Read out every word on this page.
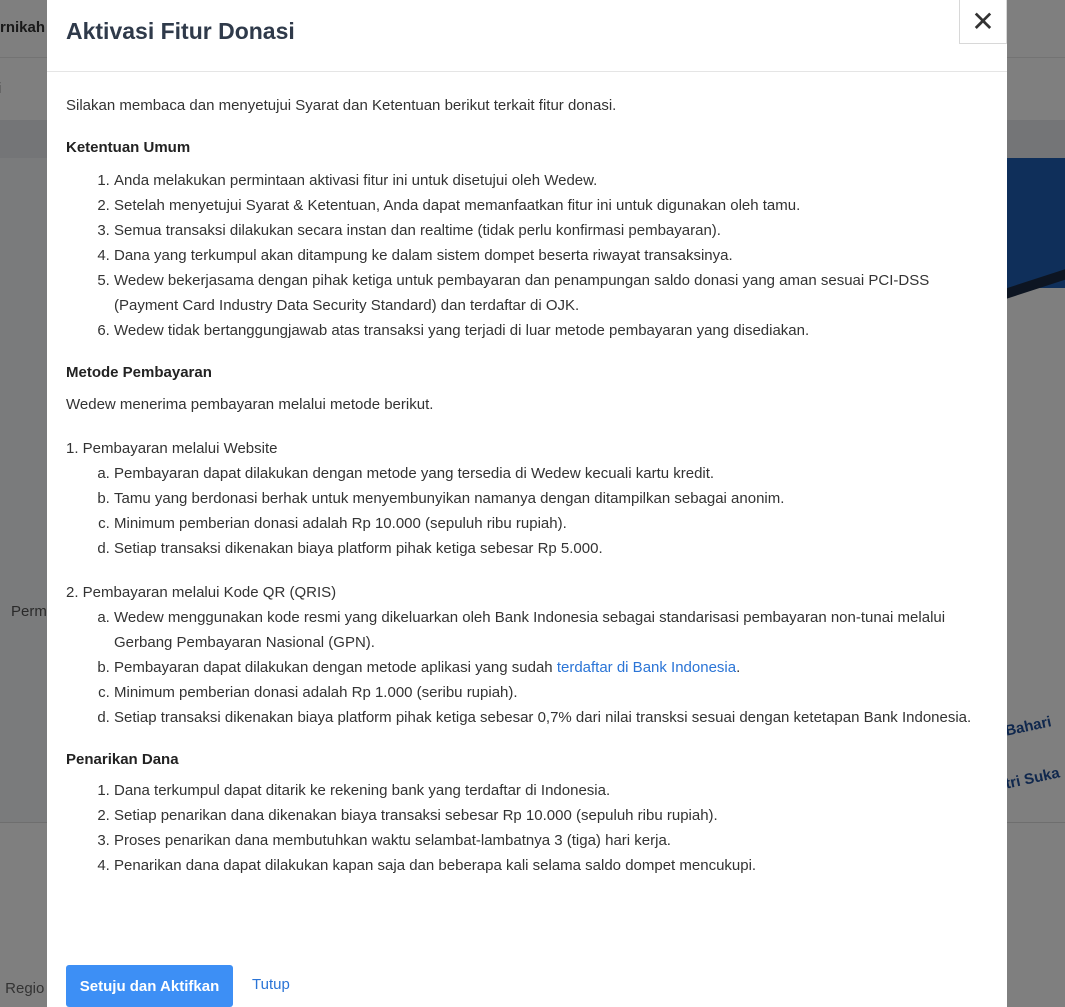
Aktivasi Fitur Donasi	✕

Silakan membaca dan menyetujui Syarat dan Ketentuan berikut terkait fitur donasi.

Ketentuan Umum

1. Anda melakukan permintaan aktivasi fitur ini untuk disetujui oleh Wedew.
2. Setelah menyetujui Syarat & Ketentuan, Anda dapat memanfaatkan fitur ini untuk digunakan oleh tamu.
3. Semua transaksi dilakukan secara instan dan realtime (tidak perlu konfirmasi pembayaran).
4. Dana yang terkumpul akan ditampung ke dalam sistem dompet beserta riwayat transaksinya.
5. Wedew bekerjasama dengan pihak ketiga untuk pembayaran dan penampungan saldo donasi yang aman sesuai PCI-DSS (Payment Card Industry Data Security Standard) dan terdaftar di OJK.
6. Wedew tidak bertanggungjawab atas transaksi yang terjadi di luar metode pembayaran yang disediakan.

Metode Pembayaran

Wedew menerima pembayaran melalui metode berikut.

1. Pembayaran melalui Website

a. Pembayaran dapat dilakukan dengan metode yang tersedia di Wedew kecuali kartu kredit.
b. Tamu yang berdonasi berhak untuk menyembunyikan namanya dengan ditampilkan sebagai anonim.
c. Minimum pemberian donasi adalah Rp 10.000 (sepuluh ribu rupiah).
d. Setiap transaksi dikenakan biaya platform pihak ketiga sebesar Rp 5.000.

2. Pembayaran melalui Kode QR (QRIS)

a. Wedew menggunakan kode resmi yang dikeluarkan oleh Bank Indonesia sebagai standarisasi pembayaran non-tunai melalui Gerbang Pembayaran Nasional (GPN).
b. Pembayaran dapat dilakukan dengan metode aplikasi yang sudah terdaftar di Bank Indonesia.
c. Minimum pemberian donasi adalah Rp 1.000 (seribu rupiah).
d. Setiap transaksi dikenakan biaya platform pihak ketiga sebesar 0,7% dari nilai transksi sesuai dengan ketetapan Bank Indonesia.

Penarikan Dana

1. Dana terkumpul dapat ditarik ke rekening bank yang terdaftar di Indonesia.
2. Setiap penarikan dana dikenakan biaya transaksi sebesar Rp 10.000 (sepuluh ribu rupiah).
3. Proses penarikan dana membutuhkan waktu selambat-lambatnya 3 (tiga) hari kerja.
4. Penarikan dana dapat dilakukan kapan saja dan beberapa kali selama saldo dompet mencukupi.
Setuju dan Aktifkan	Tutup
